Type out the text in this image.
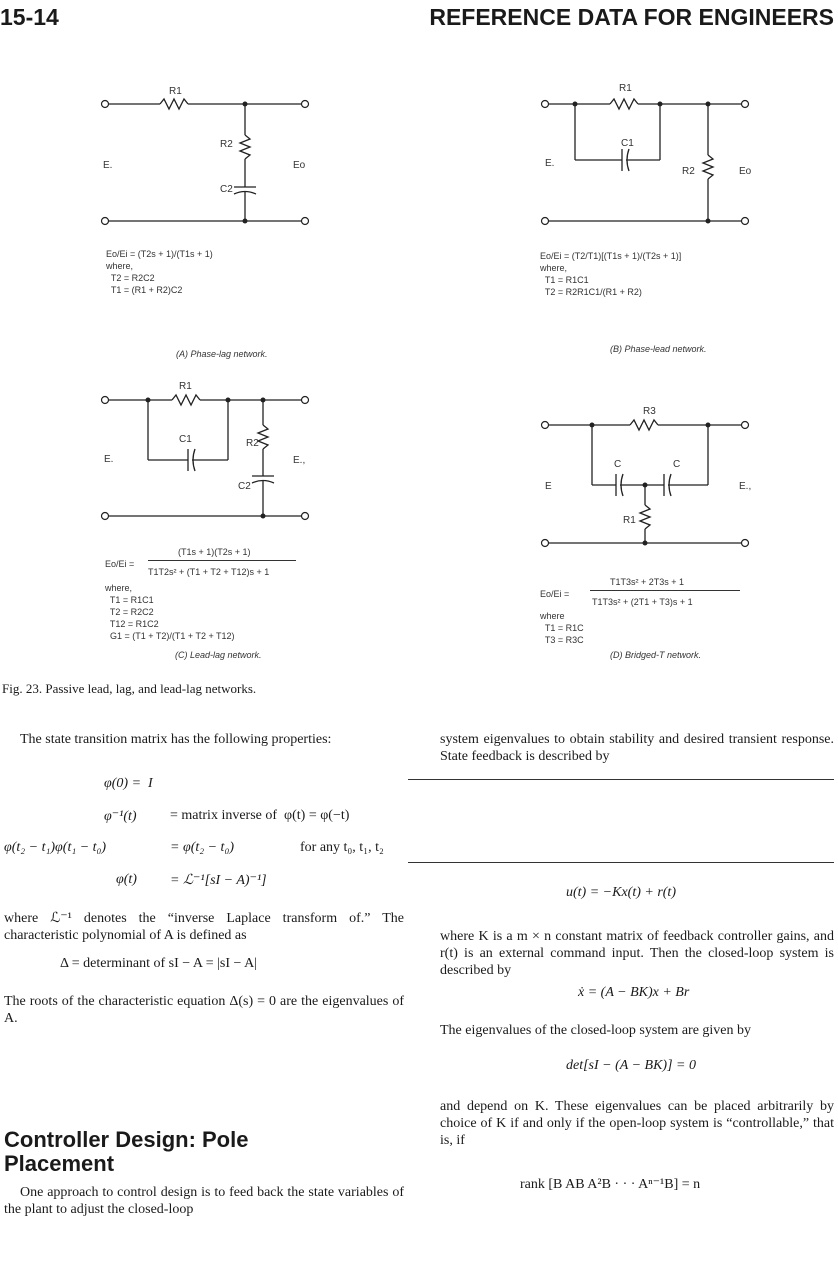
15-14	REFERENCE DATA FOR ENGINEERS
R1
R2
C2
E.	Eo
Eo/Ei = (T2s + 1)/(T1s + 1)
where,
T2 = R2C2
T1 = (R1 + R2)C2
(A) Phase-lag network.
R1
C1
R2
E.
Eo
Eo/Ei = (T2/T1)[(T1s + 1)/(T2s + 1)]
where,
T1 = R1C1
T2 = R2R1C1/(R1 + R2)
(B) Phase-lead network.
R1
C1	R2
C2
E.	E.,
(T1s + 1)(T2s + 1)
Eo/Ei =
T1T2s² + (T1 + T2 + T12)s + 1
where,
T1 = R1C1
T2 = R2C2
T12 = R1C2
G1 = (T1 + T2)/(T1 + T2 + T12)
(C) Lead-lag network.
R3
C	C
R1
E	E.,
T1T3s² + 2T3s + 1
Eo/Ei =
T1T3s² + (2T1 + T3)s + 1
where
T1 = R1C
T3 = R3C
(D) Bridged-T network.
Fig. 23. Passive lead, lag, and lead-lag networks.
The state transition matrix has the following properties:
φ(0) =  I
φ⁻¹(t) = matrix inverse of  φ(t) = φ(−t)
φ(t₂ − t₁)φ(t₁ − t₀)	= φ(t₂ − t₀)	for any t₀, t₁, t₂
φ(t) = ℒ⁻¹[sI − A)⁻¹]
where ℒ⁻¹ denotes the “inverse Laplace transform of.” The characteristic polynomial of A is defined as
Δ = determinant of sI − A = |sI − A|
The roots of the characteristic equation Δ(s) = 0 are the eigenvalues of A.
Controller Design: Pole Placement
One approach to control design is to feed back the state variables of the plant to adjust the closed-loop
system eigenvalues to obtain stability and desired transient response. State feedback is described by
u(t) = −Kx(t) + r(t)
where K is a m × n constant matrix of feedback controller gains, and r(t) is an external command input. Then the closed-loop system is described by
ẋ = (A − BK)x + Br
The eigenvalues of the closed-loop system are given by
det[sI − (A − BK)] = 0
and depend on K. These eigenvalues can be placed arbitrarily by choice of K if and only if the open-loop system is “controllable,” that is, if
rank [B AB A²B · · · Aⁿ⁻¹B] = n
